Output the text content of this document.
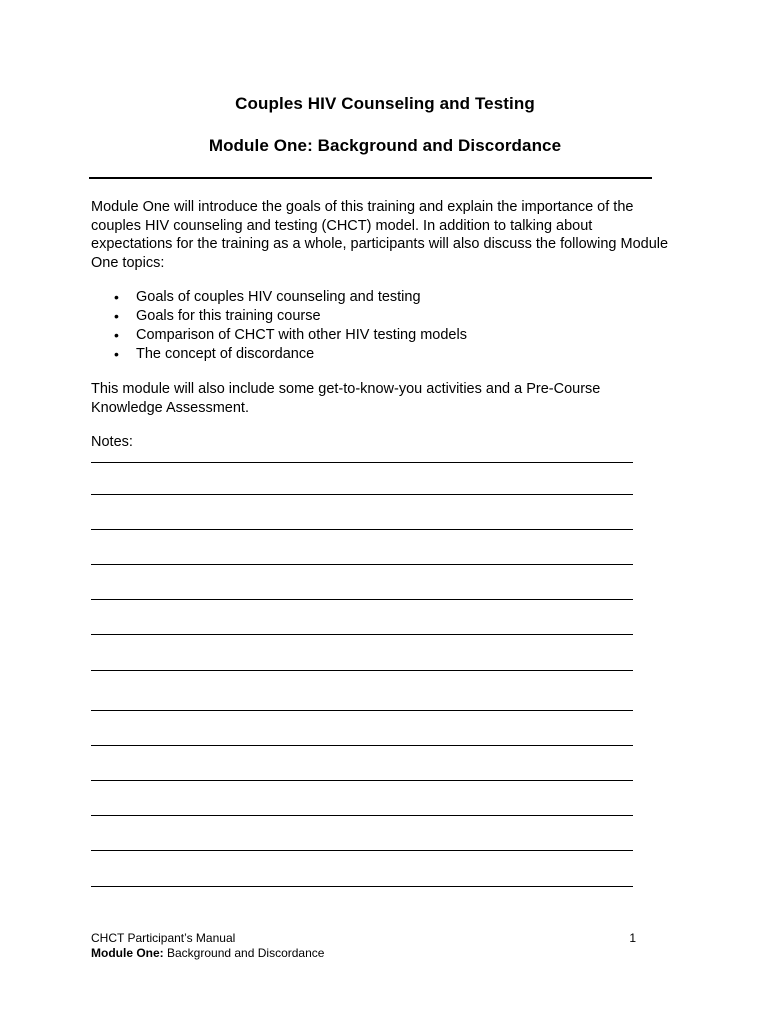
Couples HIV Counseling and Testing
Module One: Background and Discordance

Module One will introduce the goals of this training and explain the importance of the couples HIV counseling and testing (CHCT) model. In addition to talking about expectations for the training as a whole, participants will also discuss the following Module One topics:

• Goals of couples HIV counseling and testing
• Goals for this training course
• Comparison of CHCT with other HIV testing models
• The concept of discordance
This module will also include some get-to-know-you activities and a Pre-Course Knowledge Assessment.
Notes:
CHCT Participant’s Manual	1
Module One: Background and Discordance
